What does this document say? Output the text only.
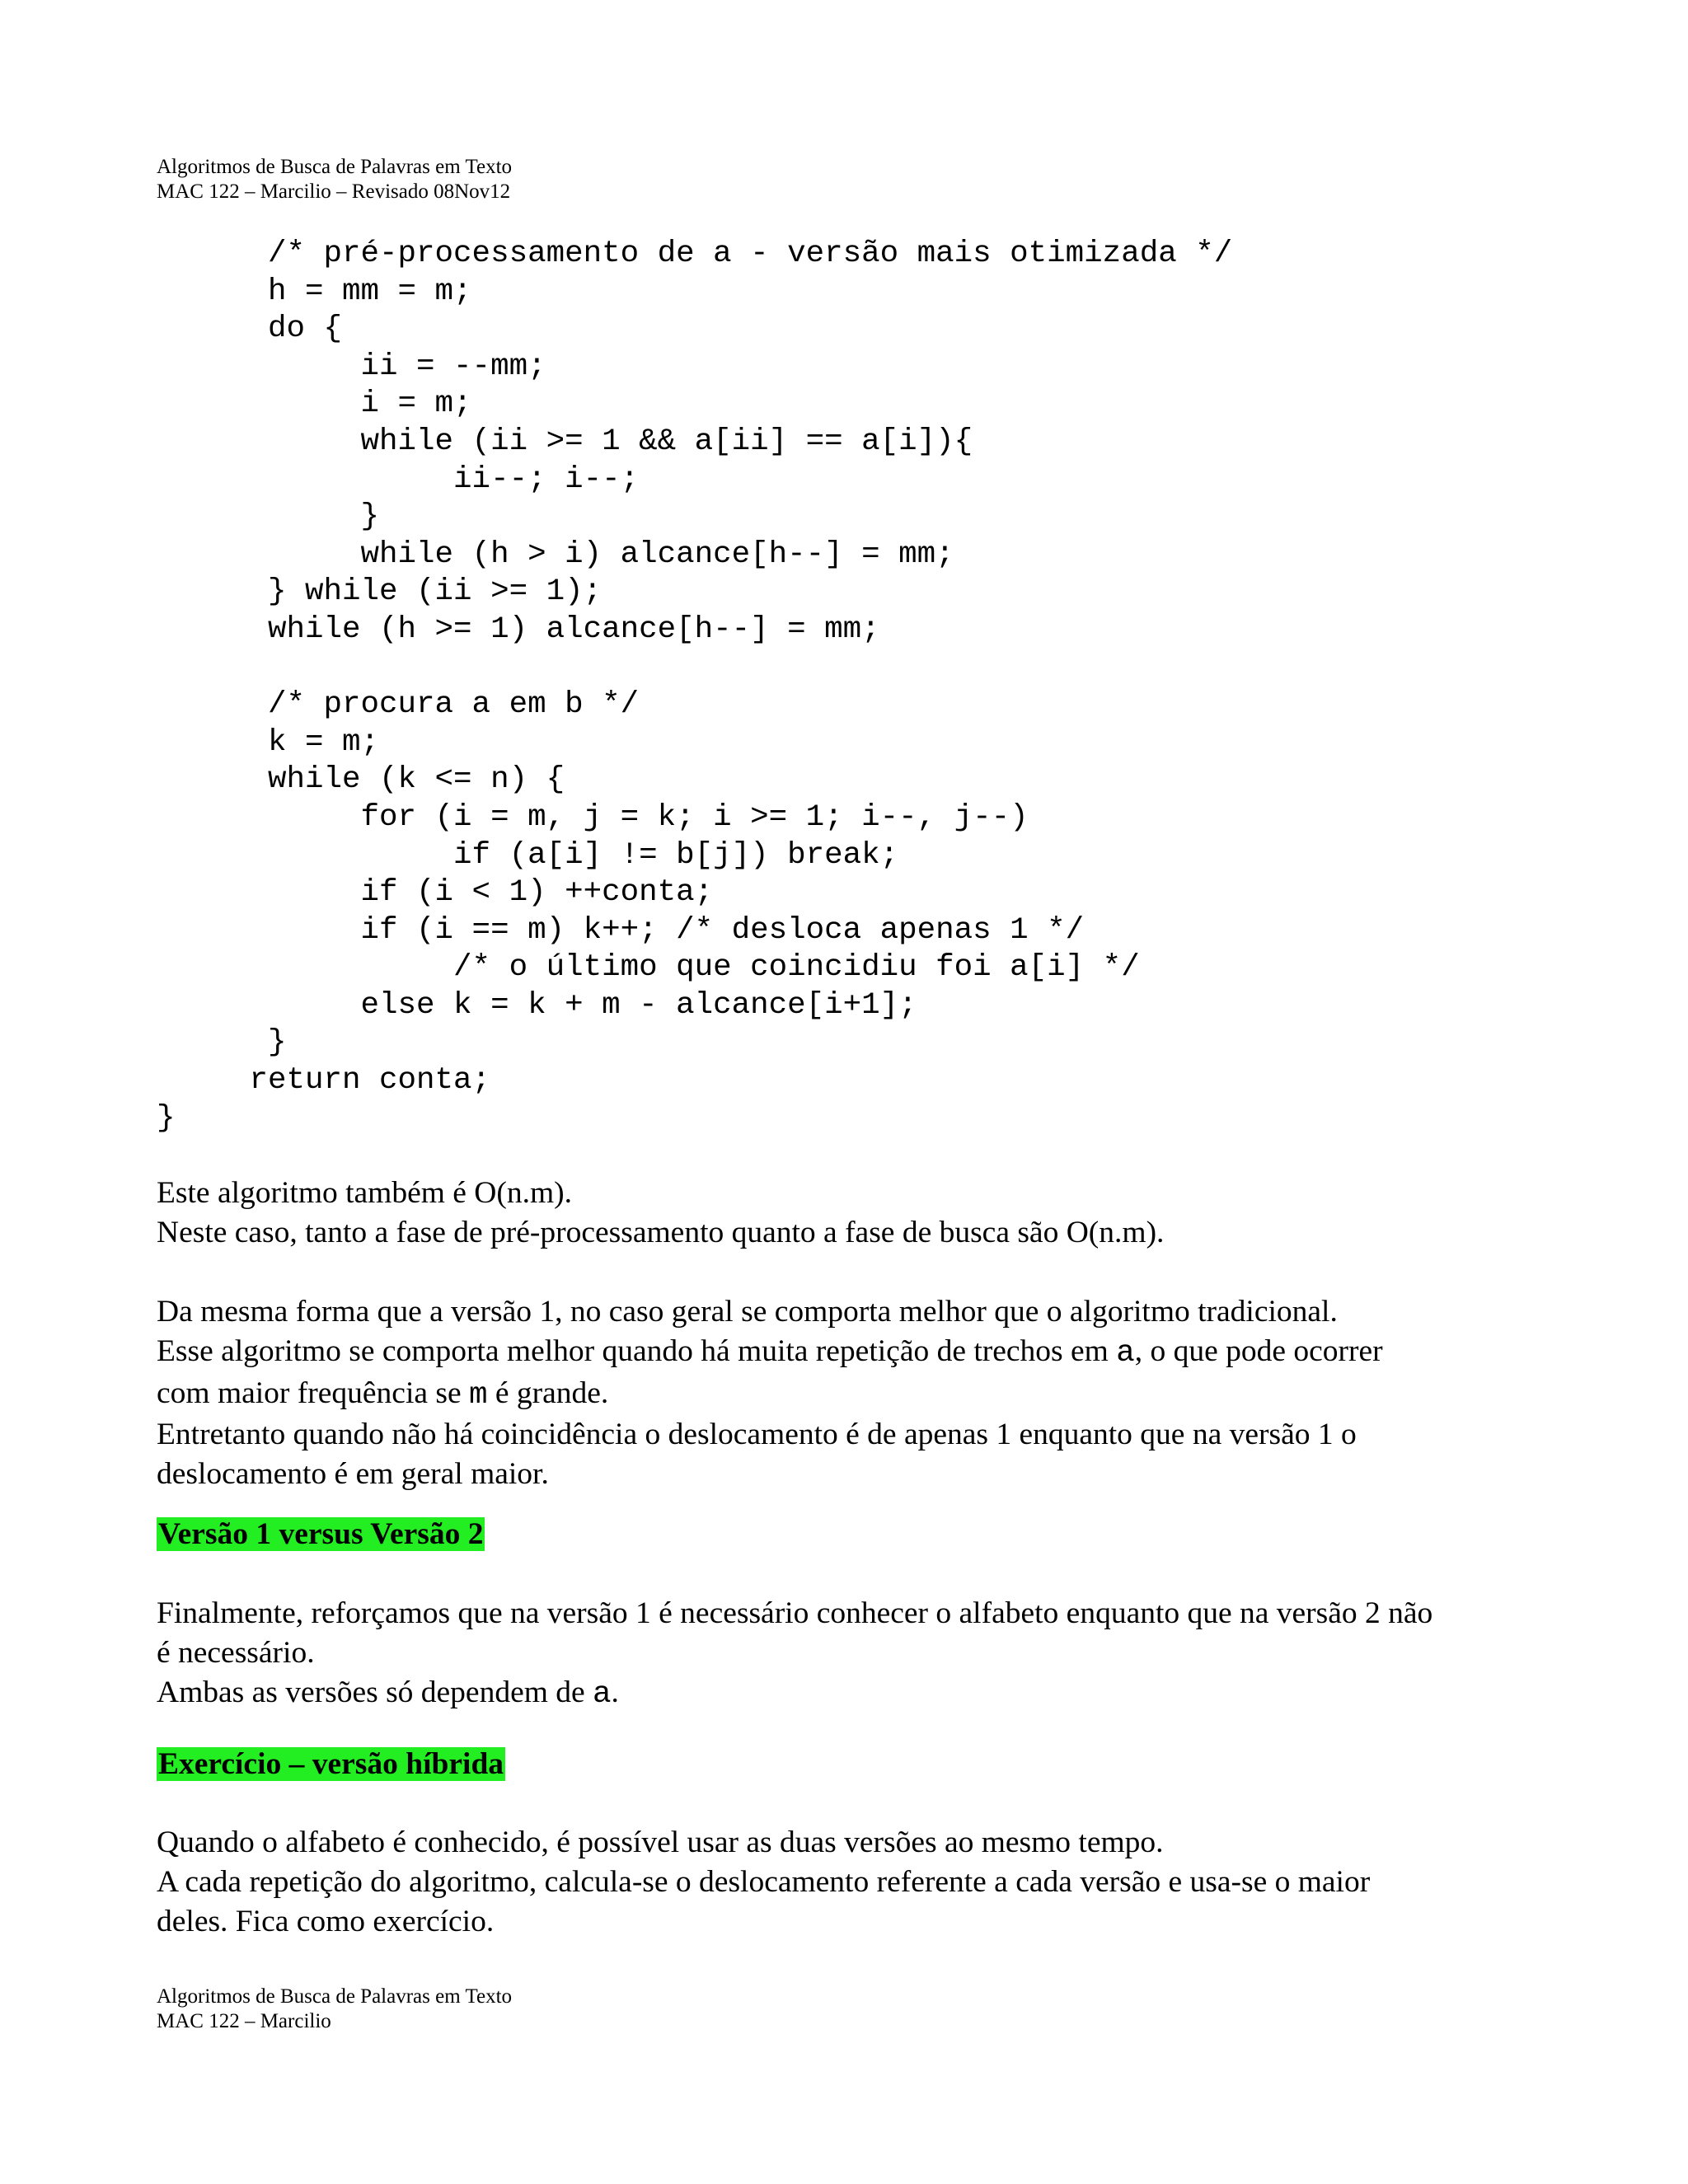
Algoritmos de Busca de Palavras em Texto
MAC 122 – Marcilio – Revisado 08Nov12
/* pré-processamento de a - versão mais otimizada */
h = mm = m;
do {
ii = --mm;
i = m;
while (ii >= 1 && a[ii] == a[i]){
ii--; i--;
}
while (h > i) alcance[h--] = mm;
} while (ii >= 1);
while (h >= 1) alcance[h--] = mm;

/* procura a em b */
k = m;
while (k <= n) {
for (i = m, j = k; i >= 1; i--, j--)
if (a[i] != b[j]) break;
if (i < 1) ++conta;
if (i == m) k++; /* desloca apenas 1 */
/* o último que coincidiu foi a[i] */
else k = k + m - alcance[i+1];
}
return conta;
}
Este algoritmo também é O(n.m).
Neste caso, tanto a fase de pré-processamento quanto a fase de busca são O(n.m).
Da mesma forma que a versão 1, no caso geral se comporta melhor que o algoritmo tradicional.
Esse algoritmo se comporta melhor quando há muita repetição de trechos em a, o que pode ocorrer
com maior frequência se m é grande.
Entretanto quando não há coincidência o deslocamento é de apenas 1 enquanto que na versão 1 o
deslocamento é em geral maior.
Versão 1 versus Versão 2
Finalmente, reforçamos que na versão 1 é necessário conhecer o alfabeto enquanto que na versão 2 não
é necessário.
Ambas as versões só dependem de a.
Exercício – versão híbrida
Quando o alfabeto é conhecido, é possível usar as duas versões ao mesmo tempo.
A cada repetição do algoritmo, calcula-se o deslocamento referente a cada versão e usa-se o maior
deles. Fica como exercício.
Algoritmos de Busca de Palavras em Texto
MAC 122 – Marcilio
